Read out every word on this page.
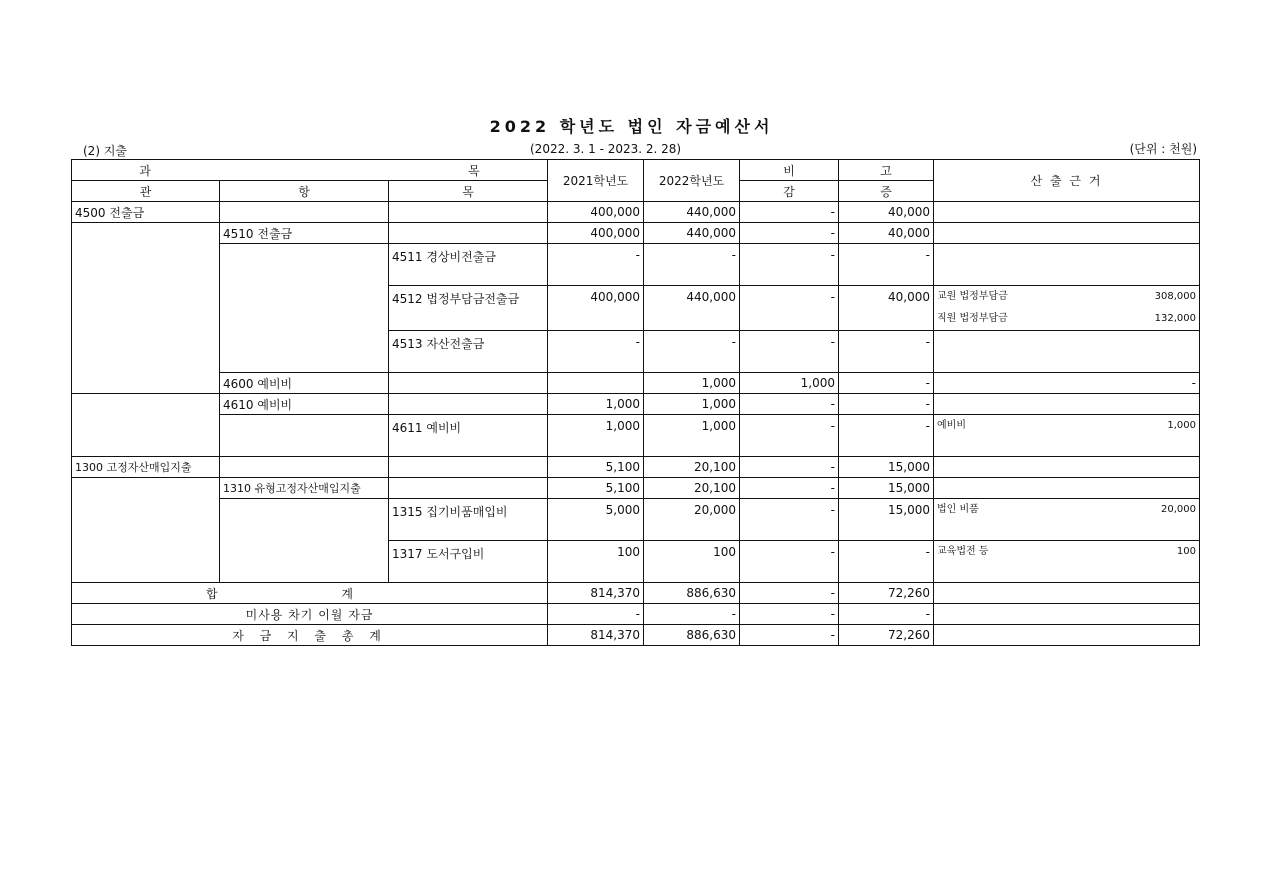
2022 학년도 법인 자금예산서
(2) 지출	(2022. 3. 1 - 2023. 2. 28)	(단위 : 천원)
과 목			2021학년도	2022학년도	비	고	산 출 근 거	
관	항	목			감	증		
4500 전출금			400,000	440,000	-	40,000		
	4510 전출금		400,000	440,000	-	40,000		
		4511 경상비전출금	-	-	-	-		
		4512 법정부담금전출금	400,000	440,000	-	40,000	교원 법정부담금 308,000
직원 법정부담금 132,000	

		4513 자산전출금	-	-	-	-		
	4600 예비비			1,000	1,000	-	-	
	4610 예비비		1,000	1,000	-	-		
		4611 예비비	1,000	1,000	-	-	예비비 1,000	

1300 고정자산매입지출			5,100	20,100	-	15,000		
	1310 유형고정자산매입지출		5,100	20,100	-	15,000		
		1315 집기비품매입비	5,000	20,000	-	15,000	법인 비품 20,000	

		1317 도서구입비	100	100	-	-	교육법전 등 100	

합 계			814,370	886,630	-	72,260		
미사용 차기 이월 자금			-	-	-	-		
자 금 지 출 총 계			814,370	886,630	-	72,260		
